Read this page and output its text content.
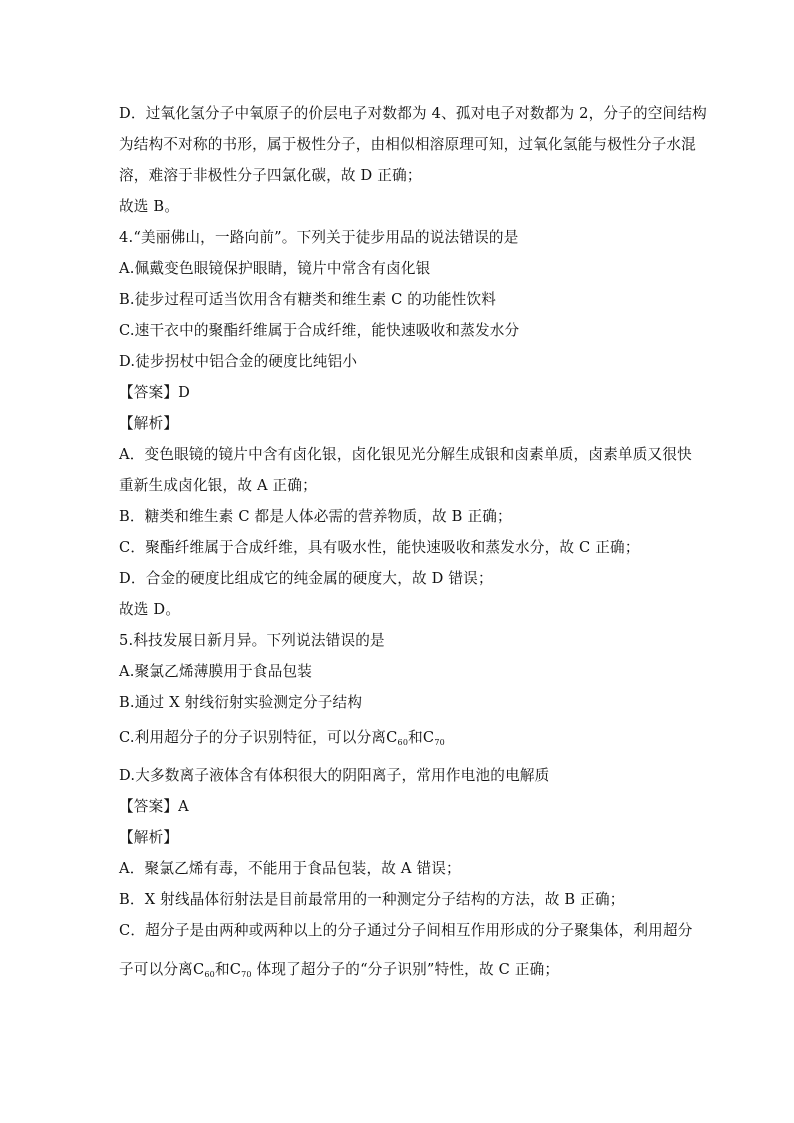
D．过氧化氢分子中氧原子的价层电子对数都为 4、孤对电子对数都为 2，分子的空间结构
为结构不对称的书形，属于极性分子，由相似相溶原理可知，过氧化氢能与极性分子水混
溶，难溶于非极性分子四氯化碳，故 D 正确；
故选 B。
4.“美丽佛山，一路向前”。下列关于徒步用品的说法错误的是
A.佩戴变色眼镜保护眼睛，镜片中常含有卤化银
B.徒步过程可适当饮用含有糖类和维生素 C 的功能性饮料
C.速干衣中的聚酯纤维属于合成纤维，能快速吸收和蒸发水分
D.徒步拐杖中铝合金的硬度比纯铝小
【答案】D
【解析】
A．变色眼镜的镜片中含有卤化银，卤化银见光分解生成银和卤素单质，卤素单质又很快
重新生成卤化银，故 A 正确；
B．糖类和维生素 C 都是人体必需的营养物质，故 B 正确；
C．聚酯纤维属于合成纤维，具有吸水性，能快速吸收和蒸发水分，故 C 正确；
D．合金的硬度比组成它的纯金属的硬度大，故 D 错误；
故选 D。
5.科技发展日新月异。下列说法错误的是
A.聚氯乙烯薄膜用于食品包装
B.通过 X 射线衍射实验测定分子结构
C.利用超分子的分子识别特征，可以分离$C_{60}$和$C_{70}$
D.大多数离子液体含有体积很大的阴阳离子，常用作电池的电解质
【答案】A
【解析】
A．聚氯乙烯有毒，不能用于食品包装，故 A 错误；
B．X 射线晶体衍射法是目前最常用的一种测定分子结构的方法，故 B 正确；
C．超分子是由两种或两种以上的分子通过分子间相互作用形成的分子聚集体，利用超分
子可以分离$C_{60}$和$C_{70}$ 体现了超分子的“分子识别”特性，故 C 正确；
